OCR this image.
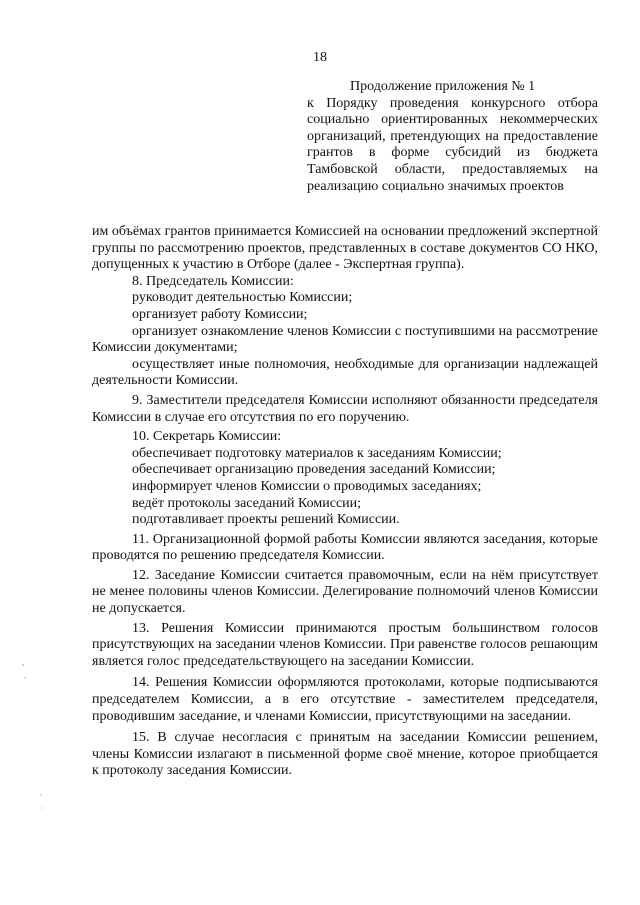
18
Продолжение приложения № 1
к Порядку проведения конкурсного отбора социально ориентированных некоммерческих организаций, претендующих на предоставление грантов в форме субсидий из бюджета Тамбовской области, предоставляемых на реализацию социально значимых проектов

им объёмах грантов принимается Комиссией на основании предложений экспертной группы по рассмотрению проектов, представленных в составе документов СО НКО, допущенных к участию в Отборе (далее - Экспертная группа).

8. Председатель Комиссии:

руководит деятельностью Комиссии;

организует работу Комиссии;

организует ознакомление членов Комиссии с поступившими на рассмотрение Комиссии документами;

осуществляет иные полномочия, необходимые для организации надлежащей деятельности Комиссии.

9. Заместители председателя Комиссии исполняют обязанности председателя Комиссии в случае его отсутствия по его поручению.

10. Секретарь Комиссии:

обеспечивает подготовку материалов к заседаниям Комиссии;

обеспечивает организацию проведения заседаний Комиссии;

информирует членов Комиссии о проводимых заседаниях;

ведёт протоколы заседаний Комиссии;

подготавливает проекты решений Комиссии.

11. Организационной формой работы Комиссии являются заседания, которые проводятся по решению председателя Комиссии.

12. Заседание Комиссии считается правомочным, если на нём присутствует не менее половины членов Комиссии. Делегирование полномочий членов Комиссии не допускается.

13. Решения Комиссии принимаются простым большинством голосов присутствующих на заседании членов Комиссии. При равенстве голосов решающим является голос председательствующего на заседании Комиссии.

14. Решения Комиссии оформляются протоколами, которые подписываются председателем Комиссии, а в его отсутствие - заместителем председателя, проводившим заседание, и членами Комиссии, присутствующими на заседании.

15. В случае несогласия с принятым на заседании Комиссии решением, члены Комиссии излагают в письменной форме своё мнение, которое приобщается к протоколу заседания Комиссии.
